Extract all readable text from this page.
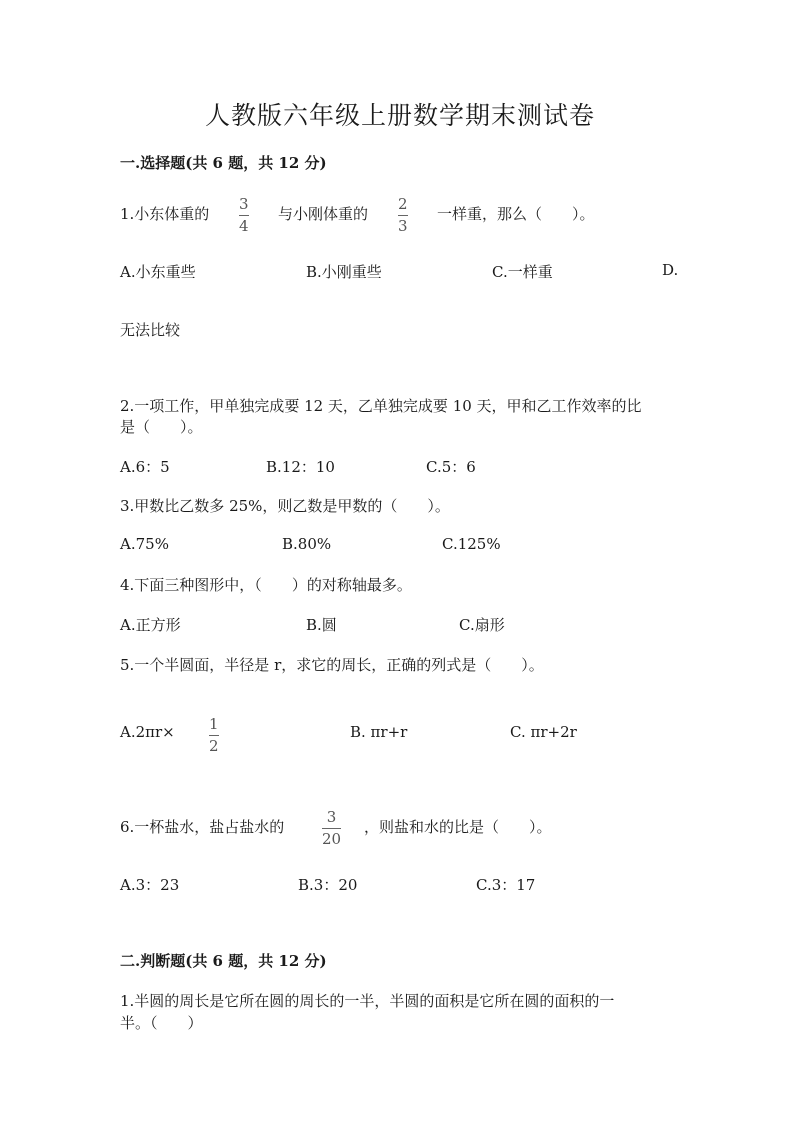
人教版六年级上册数学期末测试卷
一.选择题(共 6 题，共 12 分)
1.小东体重的
3
4
与小刚体重的
2
3
一样重，那么（　　）。
A.小东重些	B.小刚重些	C.一样重	D.
无法比较
2.一项工作，甲单独完成要 12 天，乙单独完成要 10 天，甲和乙工作效率的比
是（　　）。
A.6：5	B.12：10	C.5：6
3.甲数比乙数多 25%，则乙数是甲数的（　　）。
A.75%	B.80%	C.125%
4.下面三种图形中，（　　）的对称轴最多。
A.正方形	B.圆	C.扇形
5.一个半圆面，半径是 r，求它的周长，正确的列式是（　　）。
A.2πr× 1
2
B. πr+r	C. πr+2r
6.一杯盐水，盐占盐水的
3
20
，则盐和水的比是（　　）。
A.3：23	B.3：20	C.3：17
二.判断题(共 6 题，共 12 分)
1.半圆的周长是它所在圆的周长的一半，半圆的面积是它所在圆的面积的一
半。（　　）
